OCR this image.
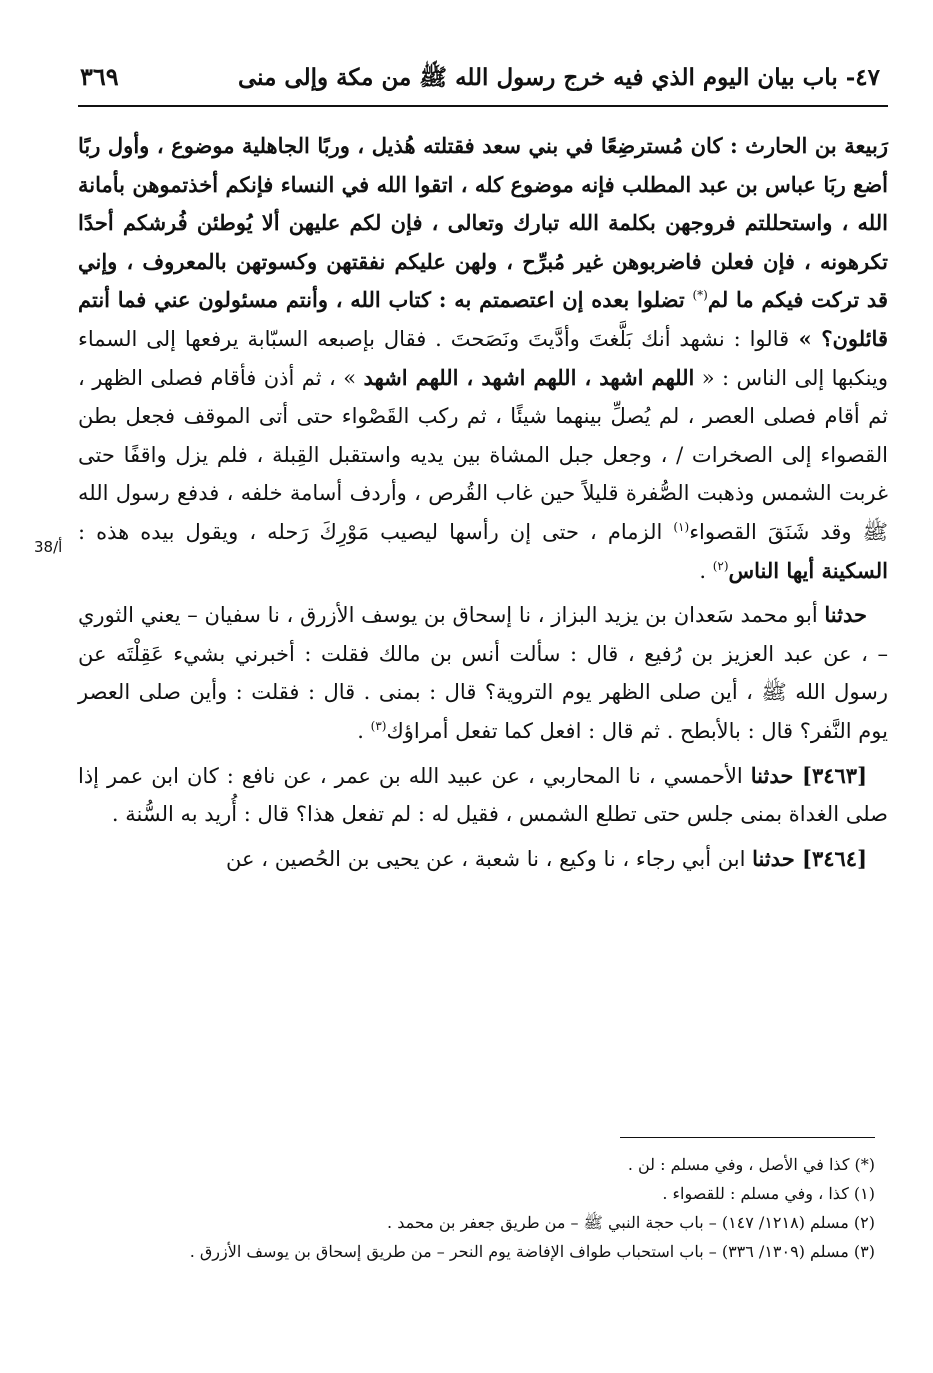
٤٧- باب بيان اليوم الذي فيه خرج رسول الله ﷺ من مكة وإلى منى
٣٦٩

رَبيعة بن الحارث : كان مُسترضِعًا في بني سعد فقتلته هُذيل ، وربًا الجاهلية موضوع ، وأول ربًا أضع ربَا عباس بن عبد المطلب فإنه موضوع كله ، اتقوا الله في النساء فإنكم أخذتموهن بأمانة الله ، واستحللتم فروجهن بكلمة الله تبارك وتعالى ، فإن لكم عليهن ألا يُوطئن فُرشكم أحدًا تكرهونه ، فإن فعلن فاضربوهن غير مُبرِّح ، ولهن عليكم نفقتهن وكسوتهن بالمعروف ، وإني قد تركت فيكم ما لم(*) تضلوا بعده إن اعتصمتم به : كتاب الله ، وأنتم مسئولون عني فما أنتم قائلون؟ » قالوا : نشهد أنك بَلَّغتَ وأدَّيتَ ونَصَحتَ . فقال بإصبعه السبّابة يرفعها إلى السماء وينكبها إلى الناس : « اللهم اشهد ، اللهم اشهد ، اللهم اشهد » ، ثم أذن فأقام فصلى الظهر ، ثم أقام فصلى العصر ، لم يُصلِّ بينهما شيئًا ، ثم ركب القَصْواء حتى أتى الموقف فجعل بطن القصواء إلى الصخرات / ، وجعل جبل المشاة بين يديه واستقبل القِبلة ، فلم يزل واقفًا حتى غربت الشمس وذهبت الصُّفرة قليلاً حين غاب القُرص ، وأردف أسامة خلفه ، فدفع رسول الله ﷺ وقد شَنَقَ القصواء$^{(١)}$ الزمام ، حتى إن رأسها ليصيب مَوْرِكَ رَحله ، ويقول بيده هذه : السكينة أيها الناس$^{(٢)}$ .

 حدثنا أبو محمد سَعدان بن يزيد البزاز ، نا إسحاق بن يوسف الأزرق ، نا سفيان – يعني الثوري – ، عن عبد العزيز بن رُفيع ، قال : سألت أنس بن مالك فقلت : أخبرني بشيء عَقِلْتَه عن رسول الله ﷺ ، أين صلى الظهر يوم التروية؟ قال : بمنى . قال : فقلت : وأين صلى العصر يوم النَّفر؟ قال : بالأبطح . ثم قال : افعل كما تفعل أمراؤك$^{(٣)}$ .

 [٣٤٦٣] حدثنا الأحمسي ، نا المحاربي ، عن عبيد الله بن عمر ، عن نافع : كان ابن عمر إذا صلى الغداة بمنى جلس حتى تطلع الشمس ، فقيل له : لم تفعل هذا؟ قال : أُريد به السُّنة .

 [٣٤٦٤] حدثنا ابن أبي رجاء ، نا وكيع ، نا شعبة ، عن يحيى بن الحُصين ، عن

38/أ
(*) كذا في الأصل ، وفي مسلم : لن .
(١) كذا ، وفي مسلم : للقصواء .
(٢) مسلم (١٢١٨/ ١٤٧) – باب حجة النبي ﷺ – من طريق جعفر بن محمد .
(٣) مسلم (١٣٠٩/ ٣٣٦) – باب استحباب طواف الإفاضة يوم النحر – من طريق إسحاق بن يوسف الأزرق .
